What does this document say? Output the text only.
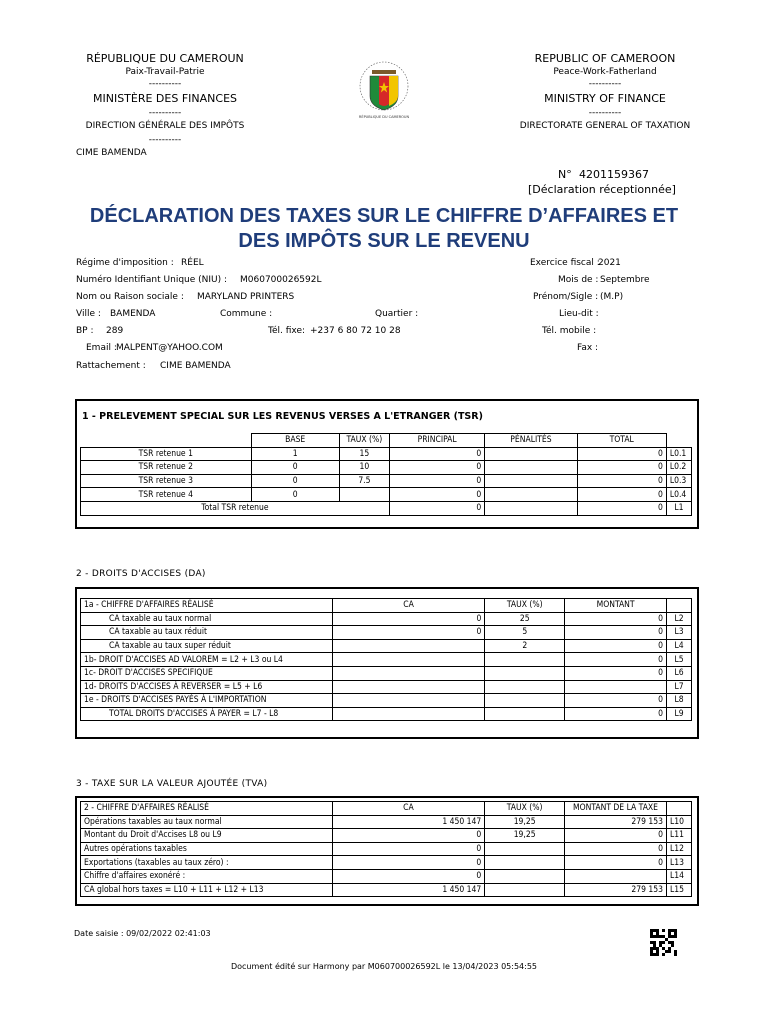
RÉPUBLIQUE DU CAMEROUN
Paix-Travail-Patrie
----------
MINISTÈRE DES FINANCES
----------
DIRECTION GÉNÉRALE DES IMPÔTS
----------
CIME BAMENDA
RÉPUBLIQUE DU CAMEROUN
REPUBLIC OF CAMEROON
Peace-Work-Fatherland
----------
MINISTRY OF FINANCE
----------
DIRECTORATE GENERAL OF TAXATION
N° 4201159367
[Déclaration réceptionnée]
DÉCLARATION DES TAXES SUR LE CHIFFRE D’AFFAIRES ET
DES IMPÔTS SUR LE REVENU
Régime d'imposition : RÉEL	Exercice fiscal :
2021
Numéro Identifiant Unique (NIU) : M060700026592L	Mois de : Septembre
Nom ou Raison sociale : MARYLAND PRINTERS	Prénom/Sigle : (M.P)
Ville : BAMENDA	Commune :	Quartier :	Lieu-dit :
BP : 289	Tél. fixe: +237 6 80 72 10 28	Tél. mobile :
Email : MALPENT@YAHOO.COM	Fax :
Rattachement : CIME BAMENDA
1 - PRELEVEMENT SPECIAL SUR LES REVENUS VERSES A L'ETRANGER (TSR)
	BASE	TAUX (%)	PRINCIPAL	PÉNALITÉS	TOTAL	
TSR retenue 1	1	15	0		0	L0.1
TSR retenue 2	0	10	0		0	L0.2
TSR retenue 3	0	7.5	0		0	L0.3
TSR retenue 4	0		0		0	L0.4
Total TSR retenue			0		0	L1
2 - DROITS D'ACCISES (DA)
1a - CHIFFRE D'AFFAIRES RÉALISÉ	CA	TAUX (%)	MONTANT	
CA taxable au taux normal	0	25	0	L2
CA taxable au taux réduit	0	5	0	L3
CA taxable au taux super réduit		2	0	L4
1b- DROIT D'ACCISES AD VALOREM = L2 + L3 ou L4			0	L5
1c- DROIT D'ACCISES SPECIFIQUE			0	L6
1d- DROITS D'ACCISES À REVERSER = L5 + L6				L7
1e - DROITS D'ACCISES PAYÉS À L'IMPORTATION			0	L8
TOTAL DROITS D'ACCISES À PAYER = L7 - L8			0	L9
3 - TAXE SUR LA VALEUR AJOUTÉE (TVA)
2 - CHIFFRE D'AFFAIRES RÉALISÉ	CA	TAUX (%)	MONTANT DE LA TAXE	
Opérations taxables au taux normal	1 450 147	19,25	279 153	L10
Montant du Droit d'Accises L8 ou L9	0	19,25	0	L11
Autres opérations taxables	0		0	L12
Exportations (taxables au taux zéro) :	0		0	L13
Chiffre d'affaires exonéré :	0			L14
CA global hors taxes = L10 + L11 + L12 + L13	1 450 147		279 153	L15
Date saisie : 09/02/2022 02:41:03
Document édité sur Harmony par M060700026592L le 13/04/2023 05:54:55
